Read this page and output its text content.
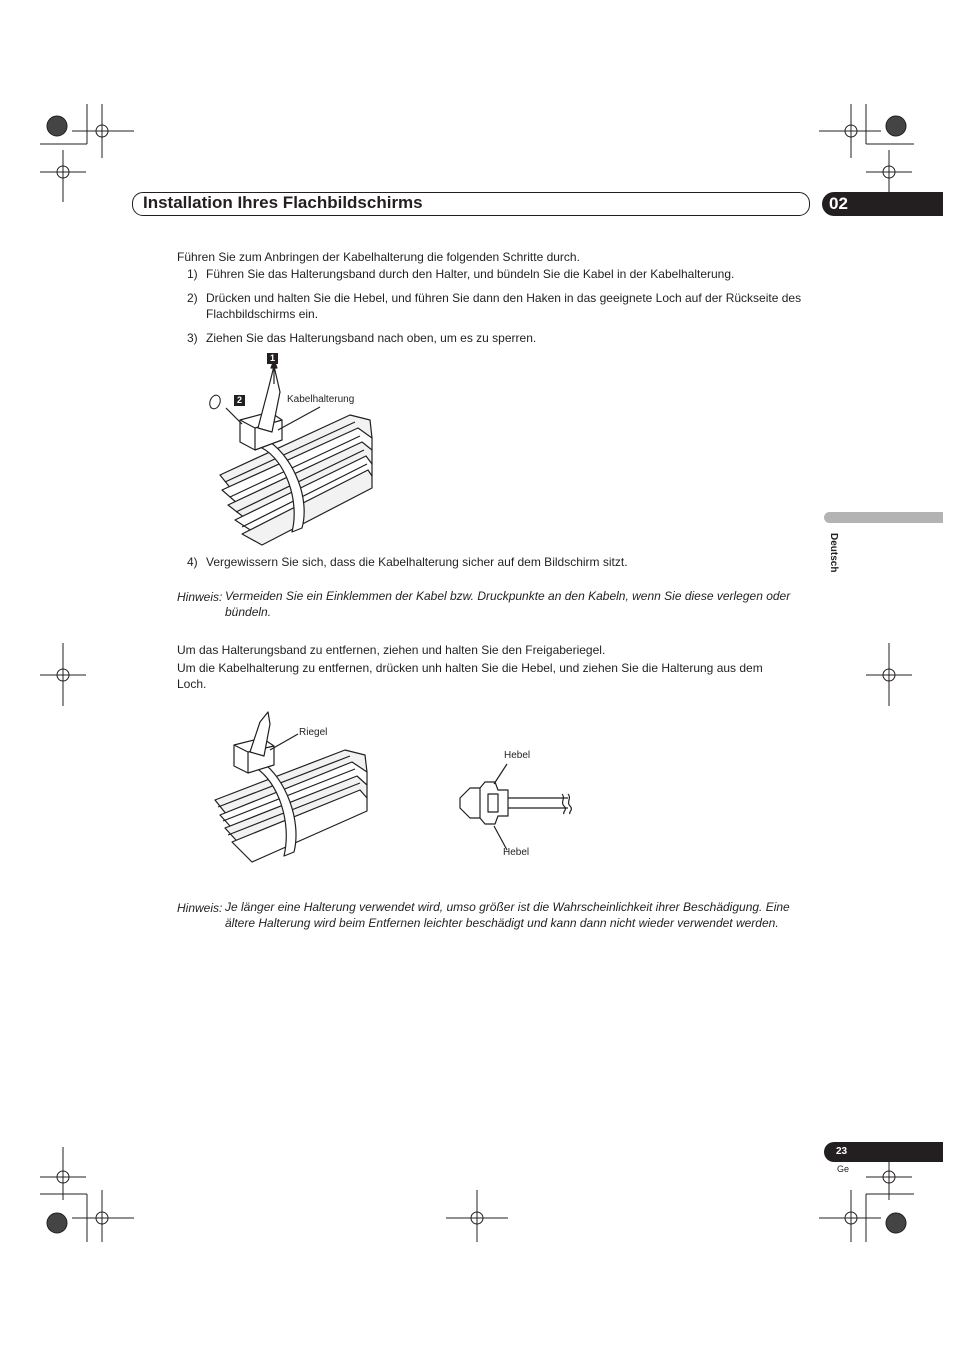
Installation Ihres Flachbildschirms	02
Deutsch
Führen Sie zum Anbringen der Kabelhalterung die folgenden Schritte durch.
1) Führen Sie das Halterungsband durch den Halter, und bündeln Sie die Kabel in der Kabelhalterung.
2) Drücken und halten Sie die Hebel, und führen Sie dann den Haken in das geeignete Loch auf der Rückseite des Flachbildschirms ein.
3) Ziehen Sie das Halterungsband nach oben, um es zu sperren.
1
2	Kabelhalterung
4) Vergewissern Sie sich, dass die Kabelhalterung sicher auf dem Bildschirm sitzt.
Hinweis: Vermeiden Sie ein Einklemmen der Kabel bzw. Druckpunkte an den Kabeln, wenn Sie diese verlegen oder bündeln.
Um das Halterungsband zu entfernen, ziehen und halten Sie den Freigaberiegel.
Um die Kabelhalterung zu entfernen, drücken unh halten Sie die Hebel, und ziehen Sie die Halterung aus dem
Loch.
Riegel
Hebel
Hebel
Hinweis: Je länger eine Halterung verwendet wird, umso größer ist die Wahrscheinlichkeit ihrer Beschädigung. Eine ältere Halterung wird beim Entfernen leichter beschädigt und kann dann nicht wieder verwendet werden.
23
Ge
